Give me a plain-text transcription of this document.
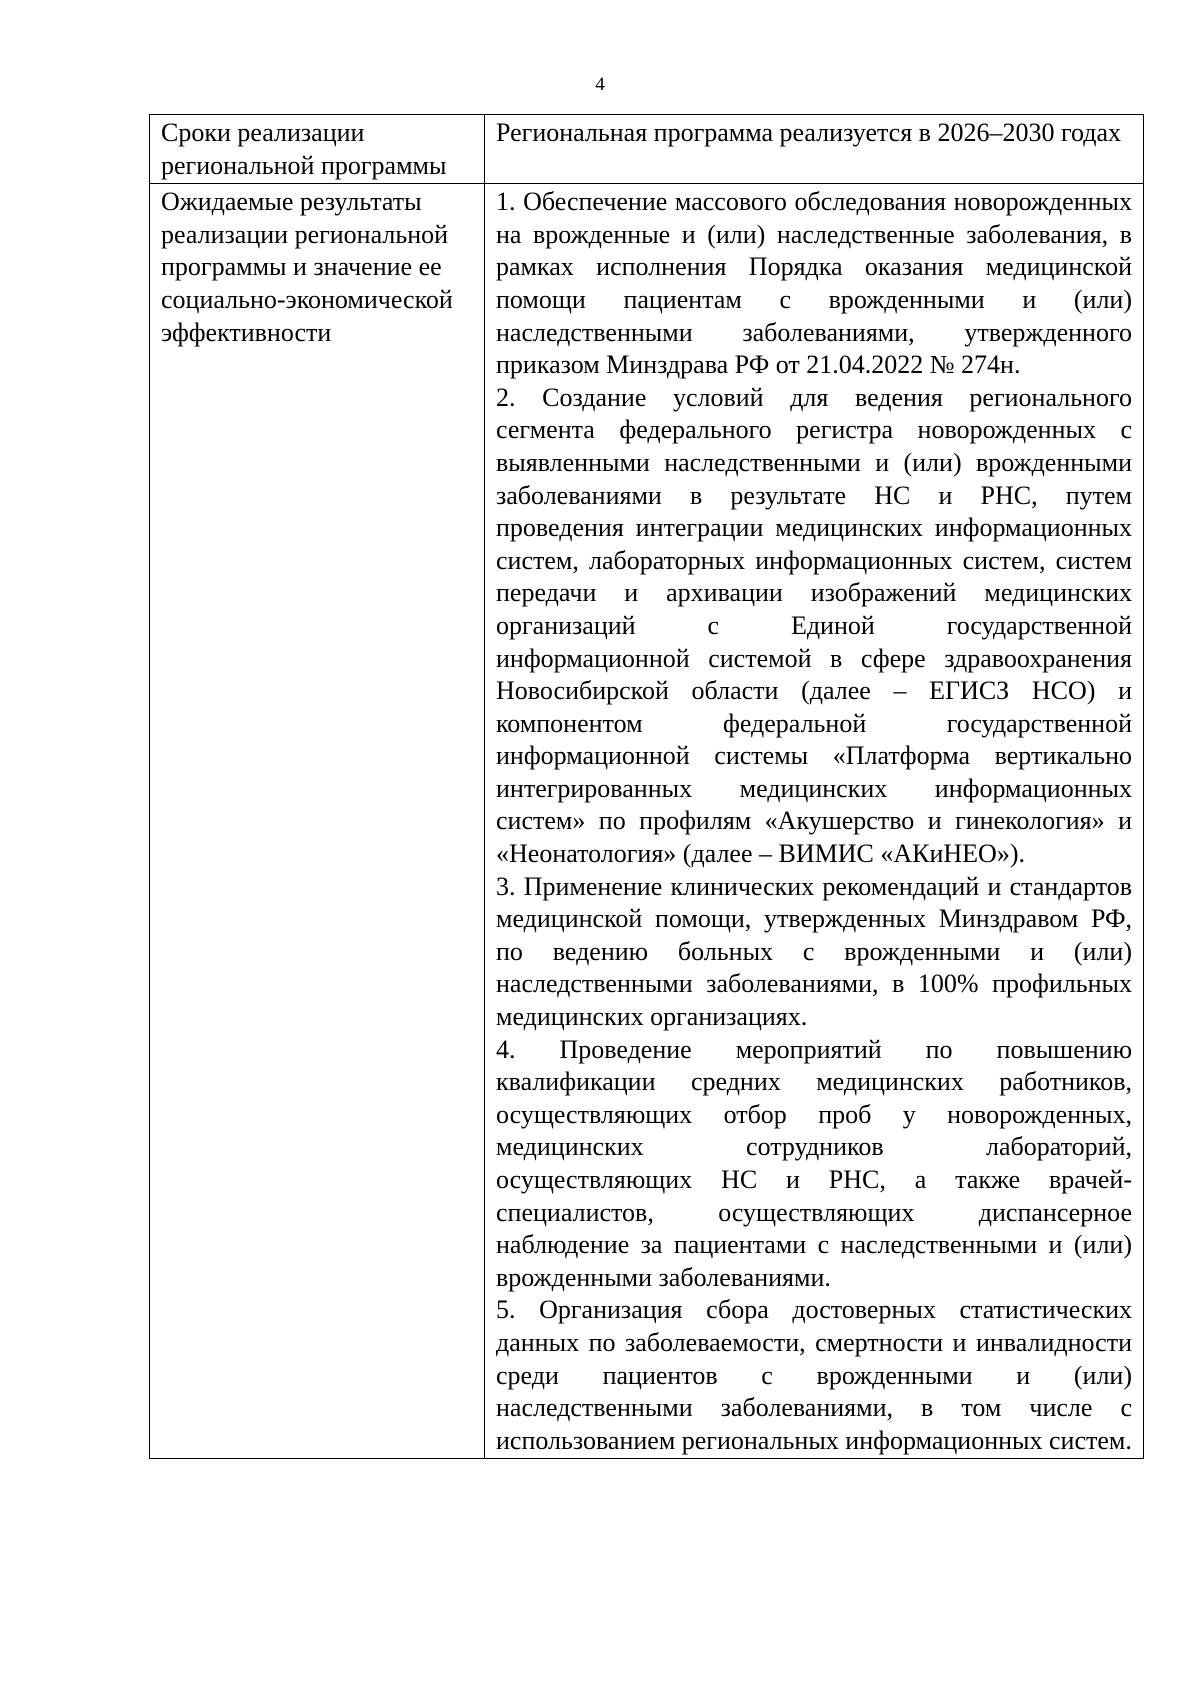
4
Сроки реализации региональной программы	Региональная программа реализуется в 2026–2030 годах
Ожидаемые результаты реализации региональной программы и значение ее социально-экономической эффективности	1. Обеспечение массового обследования новорожденных на врожденные и (или) наследственные заболевания, в рамках исполнения Порядка оказания медицинской помощи пациентам с врожденными и (или) наследственными заболеваниями, утвержденного приказом Минздрава РФ от 21.04.2022 № 274н.
2. Создание условий для ведения регионального сегмента федерального регистра новорожденных с выявленными наследственными и (или) врожденными заболеваниями в результате НС и РНС, путем проведения интеграции медицинских информационных систем, лабораторных информационных систем, систем передачи и архивации изображений медицинских организаций с Единой государственной информационной системой в сфере здравоохранения Новосибирской области (далее – ЕГИСЗ НСО) и компонентом федеральной государственной информационной системы «Платформа вертикально интегрированных медицинских информационных систем» по профилям «Акушерство и гинекология» и «Неонатология» (далее – ВИМИС «АКиНЕО»).
3. Применение клинических рекомендаций и стандартов медицинской помощи, утвержденных Минздравом РФ, по ведению больных с врожденными и (или) наследственными заболеваниями, в 100% профильных медицинских организациях.
4. Проведение мероприятий по повышению квалификации средних медицинских работников, осуществляющих отбор проб у новорожденных, медицинских сотрудников лабораторий, осуществляющих НС и РНС, а также врачей-специалистов, осуществляющих диспансерное наблюдение за пациентами с наследственными и (или) врожденными заболеваниями.
5. Организация сбора достоверных статистических данных по заболеваемости, смертности и инвалидности среди пациентов с врожденными и (или) наследственными заболеваниями, в том числе с использованием региональных информационных систем.
